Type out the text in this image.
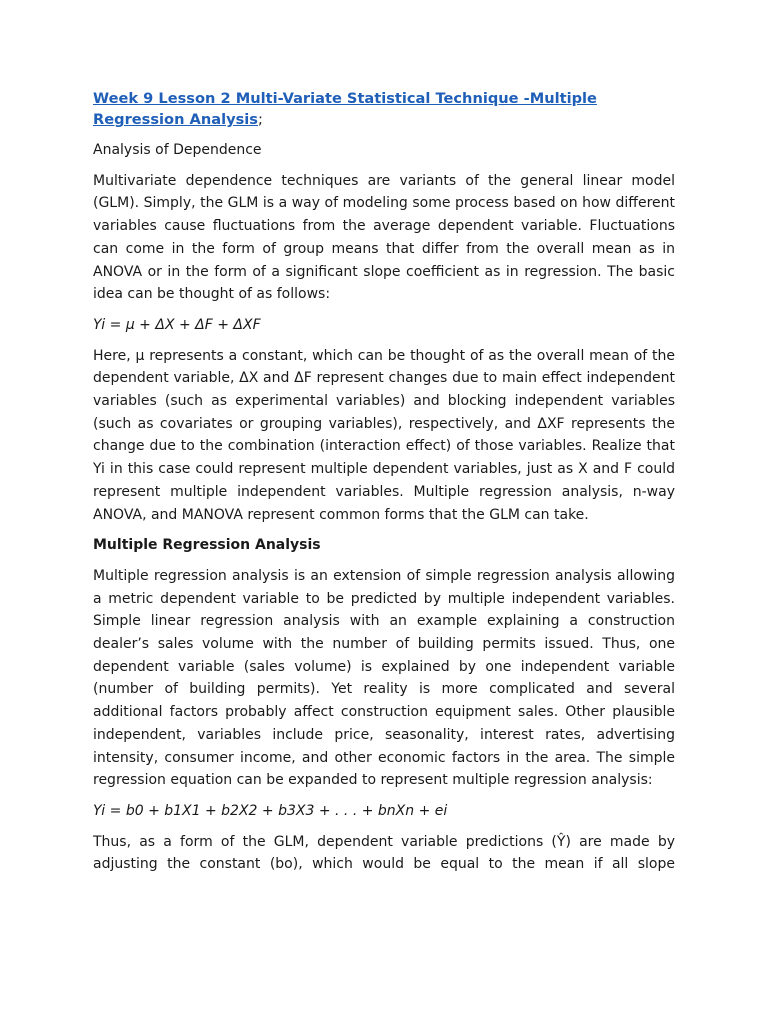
Week 9 Lesson 2 Multi-Variate Statistical Technique -Multiple Regression Analysis;
Analysis of Dependence

Multivariate dependence techniques are variants of the general linear model (GLM). Simply, the GLM is a way of modeling some process based on how different variables cause fluctuations from the average dependent variable. Fluctuations can come in the form of group means that differ from the overall mean as in ANOVA or in the form of a significant slope coefficient as in regression. The basic idea can be thought of as follows:

Yi = μ + ΔX + ΔF + ΔXF

Here, μ represents a constant, which can be thought of as the overall mean of the dependent variable, ΔX and ΔF represent changes due to main effect independent variables (such as experimental variables) and blocking independent variables (such as covariates or grouping variables), respectively, and ΔXF represents the change due to the combination (interaction effect) of those variables. Realize that Yi in this case could represent multiple dependent variables, just as X and F could represent multiple independent variables. Multiple regression analysis, n-way ANOVA, and MANOVA represent common forms that the GLM can take.

Multiple Regression Analysis

Multiple regression analysis is an extension of simple regression analysis allowing a metric dependent variable to be predicted by multiple independent variables. Simple linear regression analysis with an example explaining a construction dealer’s sales volume with the number of building permits issued. Thus, one dependent variable (sales volume) is explained by one independent variable (number of building permits). Yet reality is more complicated and several additional factors probably affect construction equipment sales. Other plausible independent, variables include price, seasonality, interest rates, advertising intensity, consumer income, and other economic factors in the area. The simple regression equation can be expanded to represent multiple regression analysis:

Yi = b0 + b1X1 + b2X2 + b3X3 + . . . + bnXn + ei

Thus, as a form of the GLM, dependent variable predictions (Ŷ) are made by adjusting the constant (bo), which would be equal to the mean if all slope
